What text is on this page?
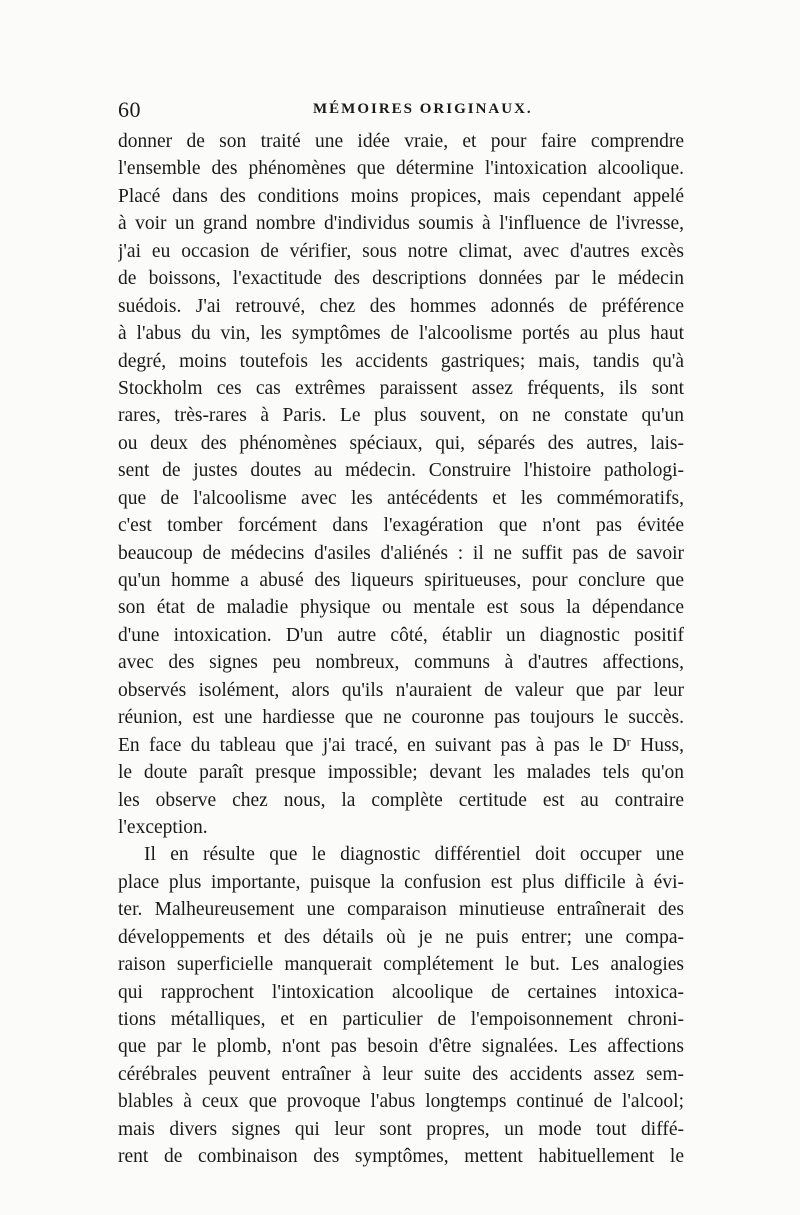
60	MÉMOIRES ORIGINAUX.
donner de son traité une idée vraie, et pour faire comprendre
l'ensemble des phénomènes que détermine l'intoxication alcoolique.
Placé dans des conditions moins propices, mais cependant appelé
à voir un grand nombre d'individus soumis à l'influence de l'ivresse,
j'ai eu occasion de vérifier, sous notre climat, avec d'autres excès
de boissons, l'exactitude des descriptions données par le médecin
suédois. J'ai retrouvé, chez des hommes adonnés de préférence
à l'abus du vin, les symptômes de l'alcoolisme portés au plus haut
degré, moins toutefois les accidents gastriques; mais, tandis qu'à
Stockholm ces cas extrêmes paraissent assez fréquents, ils sont
rares, très-rares à Paris. Le plus souvent, on ne constate qu'un
ou deux des phénomènes spéciaux, qui, séparés des autres, lais-
sent de justes doutes au médecin. Construire l'histoire pathologi-
que de l'alcoolisme avec les antécédents et les commémoratifs,
c'est tomber forcément dans l'exagération que n'ont pas évitée
beaucoup de médecins d'asiles d'aliénés : il ne suffit pas de savoir
qu'un homme a abusé des liqueurs spiritueuses, pour conclure que
son état de maladie physique ou mentale est sous la dépendance
d'une intoxication. D'un autre côté, établir un diagnostic positif
avec des signes peu nombreux, communs à d'autres affections,
observés isolément, alors qu'ils n'auraient de valeur que par leur
réunion, est une hardiesse que ne couronne pas toujours le succès.
En face du tableau que j'ai tracé, en suivant pas à pas le Dʳ Huss,
le doute paraît presque impossible; devant les malades tels qu'on
les observe chez nous, la complète certitude est au contraire
l'exception.
Il en résulte que le diagnostic différentiel doit occuper une
place plus importante, puisque la confusion est plus difficile à évi-
ter. Malheureusement une comparaison minutieuse entraînerait des
développements et des détails où je ne puis entrer; une compa-
raison superficielle manquerait complétement le but. Les analogies
qui rapprochent l'intoxication alcoolique de certaines intoxica-
tions métalliques, et en particulier de l'empoisonnement chroni-
que par le plomb, n'ont pas besoin d'être signalées. Les affections
cérébrales peuvent entraîner à leur suite des accidents assez sem-
blables à ceux que provoque l'abus longtemps continué de l'alcool;
mais divers signes qui leur sont propres, un mode tout diffé-
rent de combinaison des symptômes, mettent habituellement le
